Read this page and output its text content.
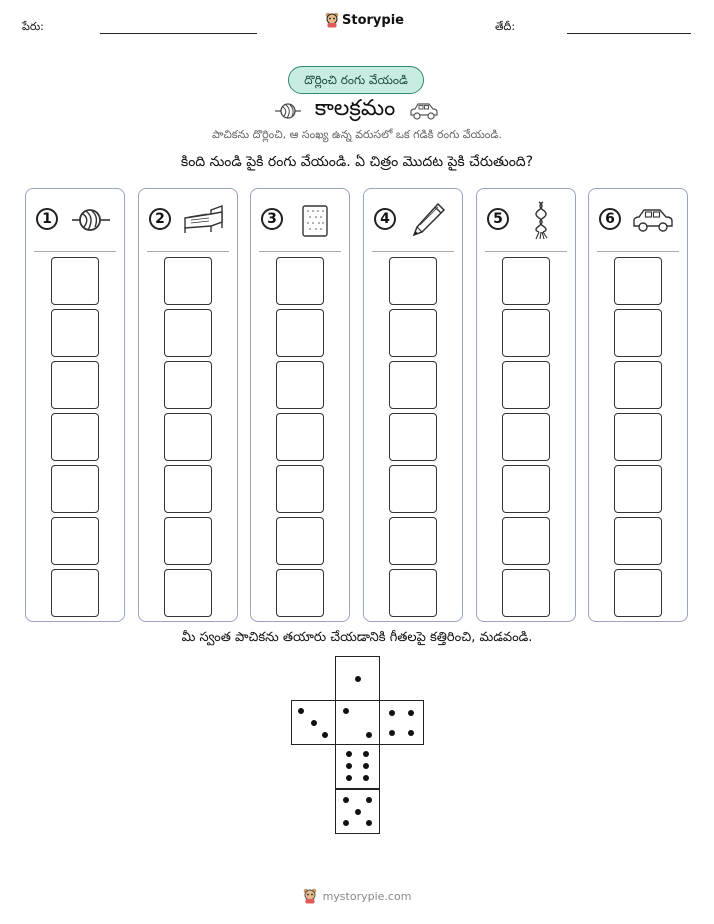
పేరు:	Storypie	తేదీ:
దొర్లించి రంగు వేయండి
కాలక్రమం
పాచికను దొర్లించి, ఆ సంఖ్య ఉన్న వరుసలో ఒక గడికి రంగు వేయండి.
కింది నుండి పైకి రంగు వేయండి. ఏ చిత్రం మొదట పైకి చేరుతుంది?
1	2	3	4	5	6
మీ స్వంత పాచికను తయారు చేయడానికి గీతలపై కత్తిరించి, మడవండి.
mystorypie.com
